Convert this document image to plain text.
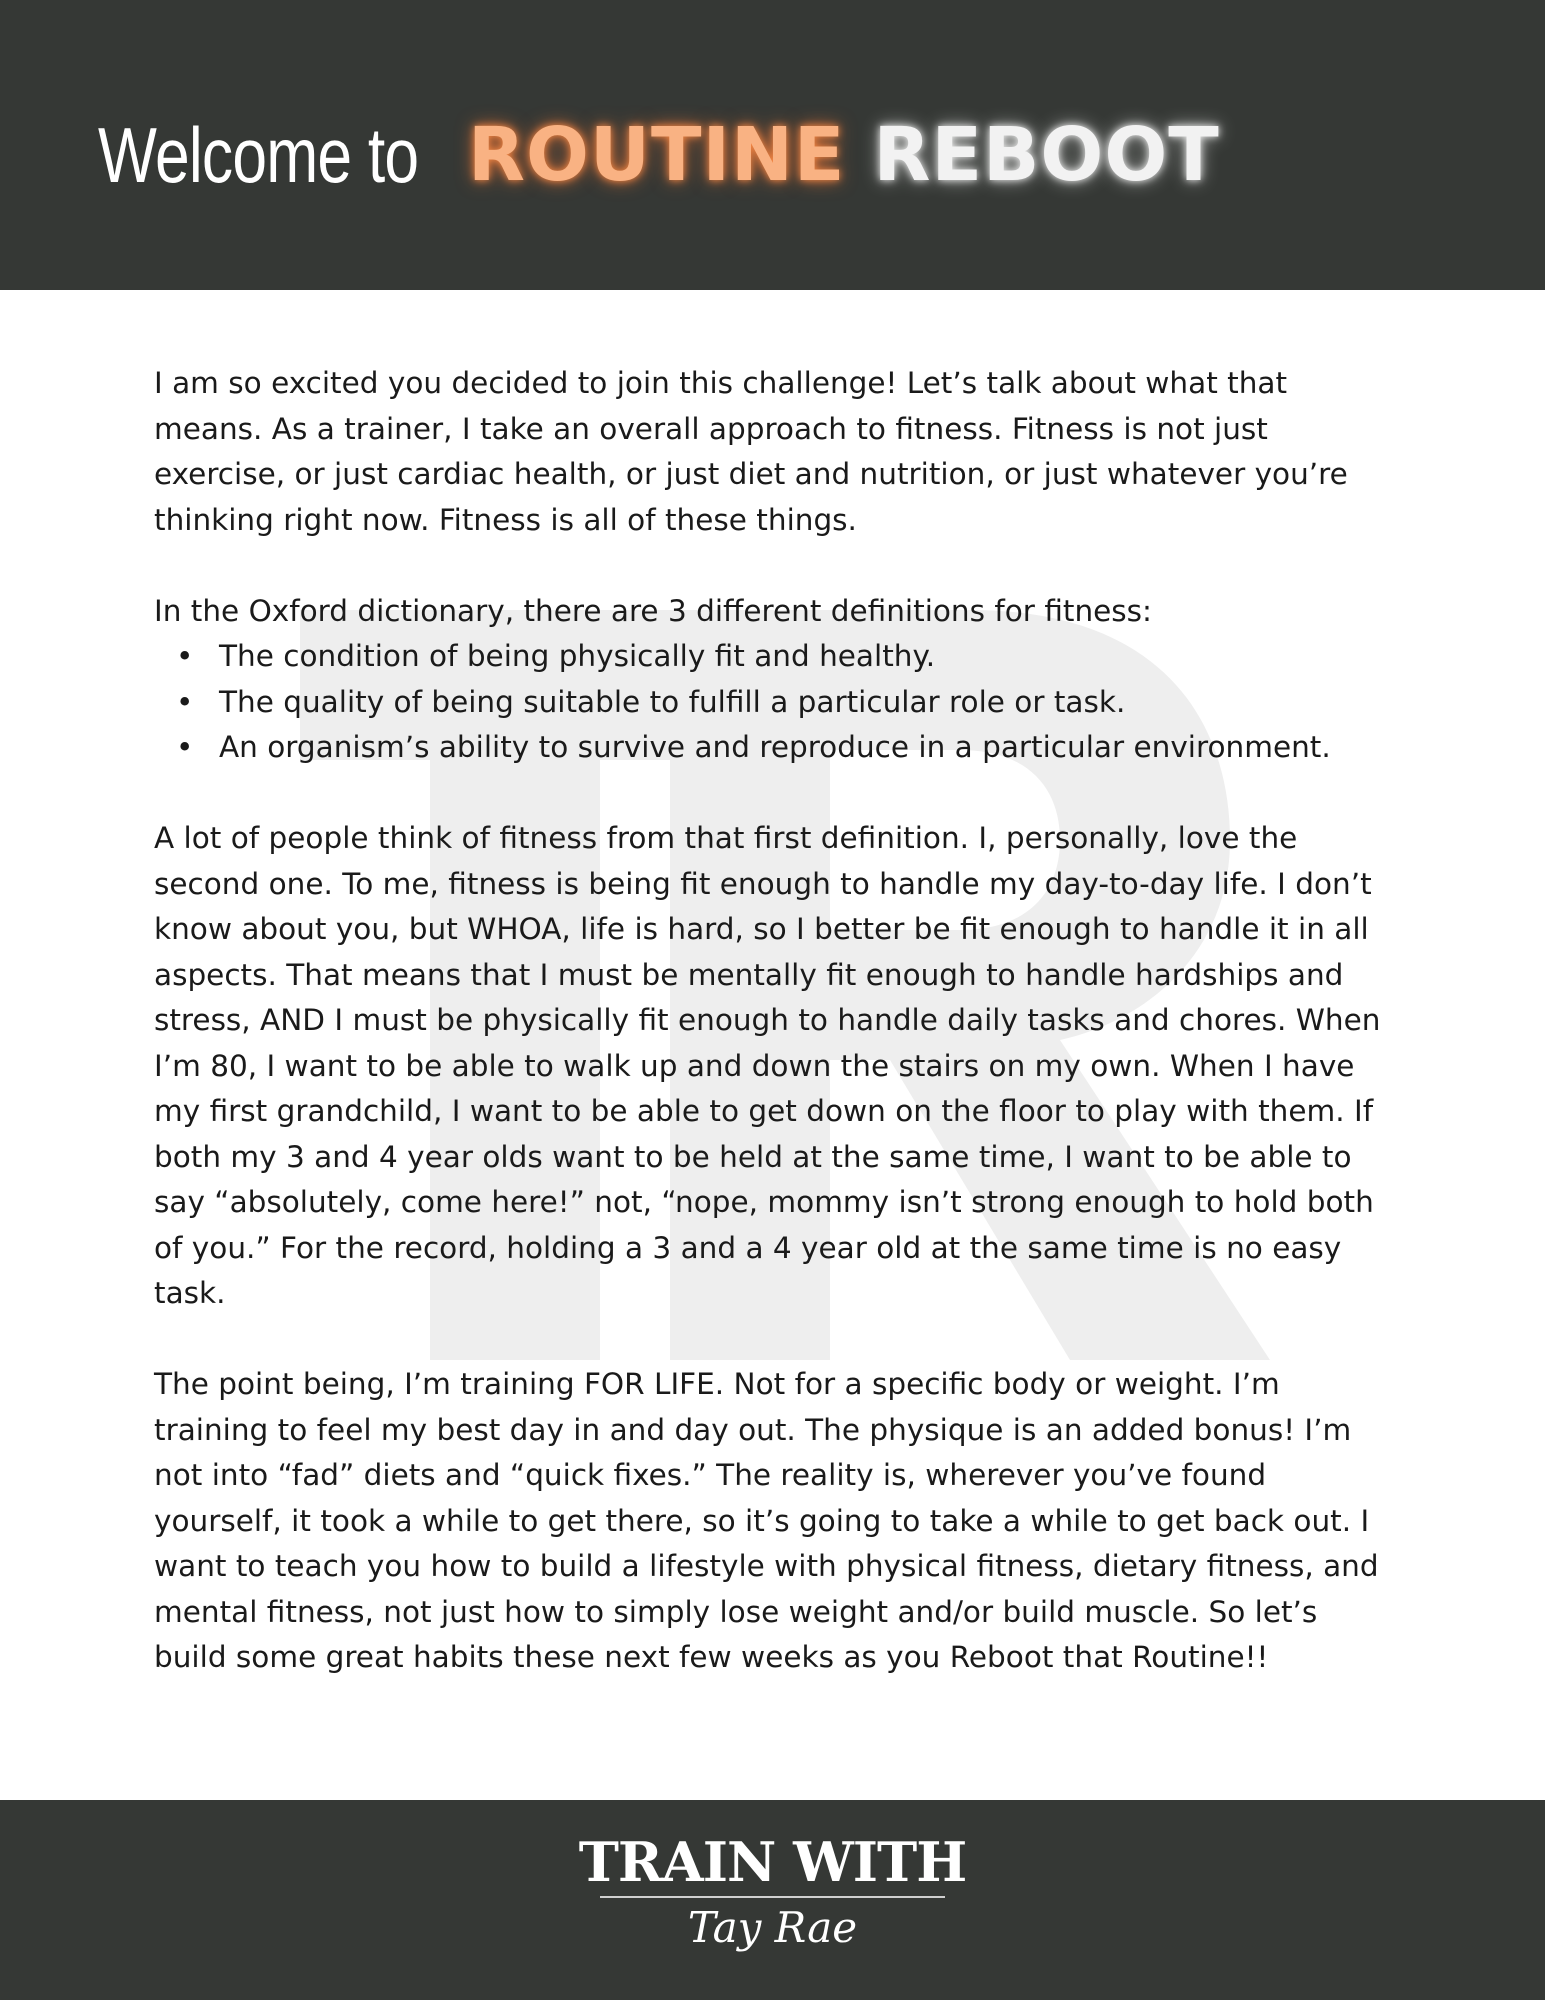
Welcome to ROUTINE REBOOT

I am so excited you decided to join this challenge! Let’s talk about what that means. As a trainer, I take an overall approach to fitness. Fitness is not just exercise, or just cardiac health, or just diet and nutrition, or just whatever you’re thinking right now. Fitness is all of these things.

In the Oxford dictionary, there are 3 different definitions for fitness:

• The condition of being physically fit and healthy.
• The quality of being suitable to fulfill a particular role or task.
• An organism’s ability to survive and reproduce in a particular environment.

A lot of people think of fitness from that first definition. I, personally, love the second one. To me, fitness is being fit enough to handle my day-to-day life. I don’t know about you, but WHOA, life is hard, so I better be fit enough to handle it in all aspects. That means that I must be mentally fit enough to handle hardships and stress, AND I must be physically fit enough to handle daily tasks and chores. When I’m 80, I want to be able to walk up and down the stairs on my own. When I have my first grandchild, I want to be able to get down on the floor to play with them. If both my 3 and 4 year olds want to be held at the same time, I want to be able to say “absolutely, come here!” not, “nope, mommy isn’t strong enough to hold both of you.” For the record, holding a 3 and a 4 year old at the same time is no easy task.

The point being, I’m training FOR LIFE. Not for a specific body or weight. I’m training to feel my best day in and day out. The physique is an added bonus! I’m not into “fad” diets and “quick fixes.” The reality is, wherever you’ve found yourself, it took a while to get there, so it’s going to take a while to get back out. I want to teach you how to build a lifestyle with physical fitness, dietary fitness, and mental fitness, not just how to simply lose weight and/or build muscle. So let’s build some great habits these next few weeks as you Reboot that Routine!!

TRAIN WITH
Tay Rae
